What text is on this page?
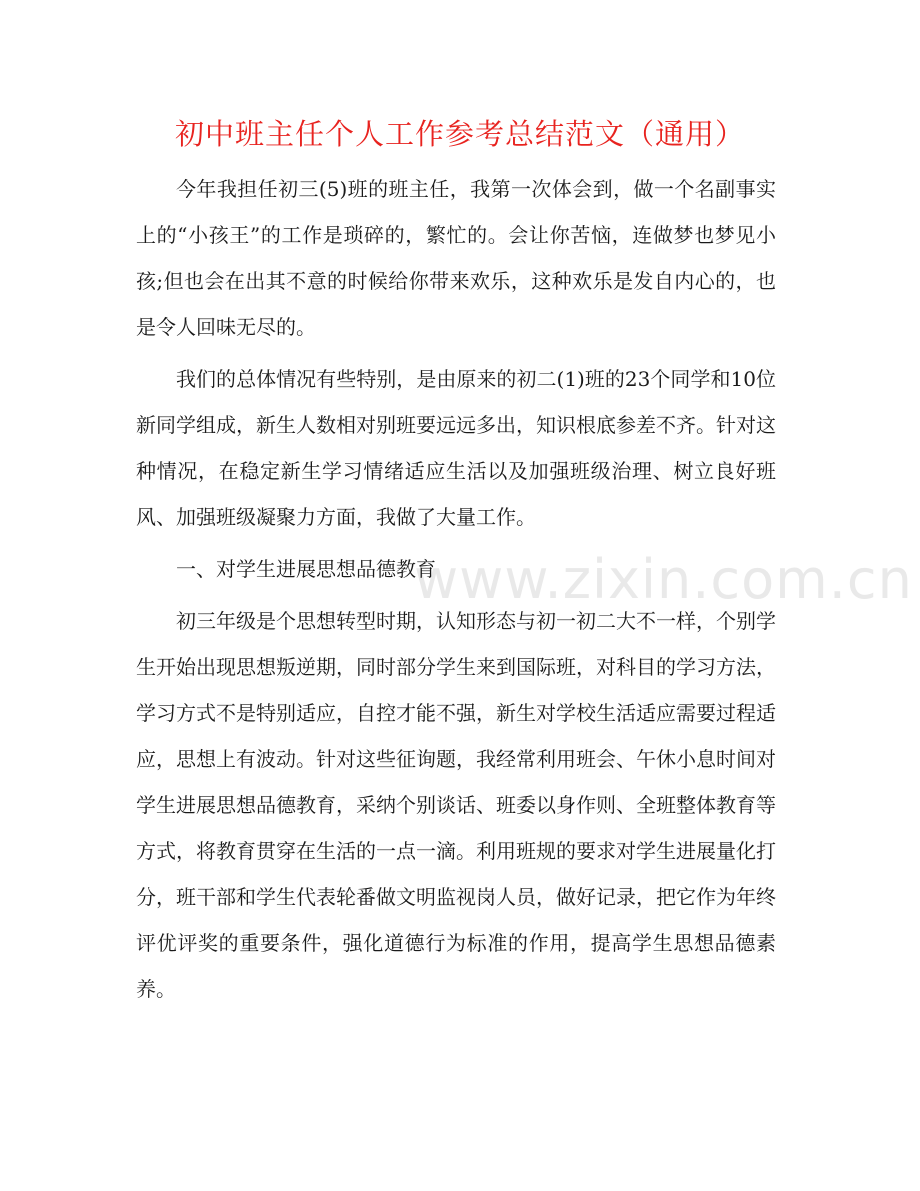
www.zixin.com.cn
初中班主任个人工作参考总结范文（通用）

今年我担任初三(5)班的班主任，我第一次体会到，做一个名副事实上的“小孩王”的工作是琐碎的，繁忙的。会让你苦恼，连做梦也梦见小孩;但也会在出其不意的时候给你带来欢乐，这种欢乐是发自内心的，也是令人回味无尽的。

我们的总体情况有些特别，是由原来的初二(1)班的23个同学和10位新同学组成，新生人数相对别班要远远多出，知识根底参差不齐。针对这种情况，在稳定新生学习情绪适应生活以及加强班级治理、树立良好班风、加强班级凝聚力方面，我做了大量工作。

一、对学生进展思想品德教育

初三年级是个思想转型时期，认知形态与初一初二大不一样，个别学生开始出现思想叛逆期，同时部分学生来到国际班，对科目的学习方法，学习方式不是特别适应，自控才能不强，新生对学校生活适应需要过程适应，思想上有波动。针对这些征询题，我经常利用班会、午休小息时间对学生进展思想品德教育，采纳个别谈话、班委以身作则、全班整体教育等方式，将教育贯穿在生活的一点一滴。利用班规的要求对学生进展量化打分，班干部和学生代表轮番做文明监视岗人员，做好记录，把它作为年终评优评奖的重要条件，强化道德行为标准的作用，提高学生思想品德素养。
